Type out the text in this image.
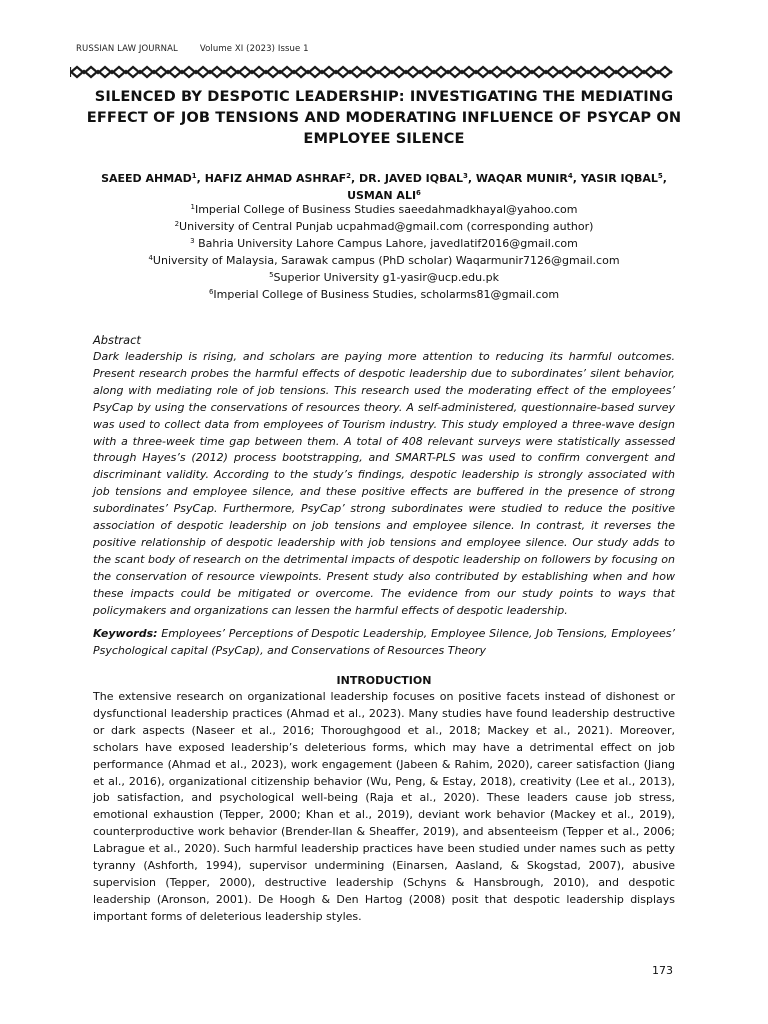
RUSSIAN LAW JOURNAL	Volume XI (2023) Issue 1
SILENCED BY DESPOTIC LEADERSHIP: INVESTIGATING THE MEDIATING EFFECT OF JOB TENSIONS AND MODERATING INFLUENCE OF PSYCAP ON EMPLOYEE SILENCE
SAEED AHMAD$^1$, HAFIZ AHMAD ASHRAF$^2$, DR. JAVED IQBAL$^3$, WAQAR MUNIR$^4$, YASIR IQBAL$^5$,
USMAN ALI$^6$
$^1$Imperial College of Business Studies saeedahmadkhayal@yahoo.com
$^2$University of Central Punjab ucpahmad@gmail.com (corresponding author)
$^3$ Bahria University Lahore Campus Lahore, javedlatif2016@gmail.com
$^4$University of Malaysia, Sarawak campus (PhD scholar) Waqarmunir7126@gmail.com
$^5$Superior University g1-yasir@ucp.edu.pk
$^6$Imperial College of Business Studies, scholarms81@gmail.com
Abstract

Dark leadership is rising, and scholars are paying more attention to reducing its harmful outcomes. Present research probes the harmful effects of despotic leadership due to subordinates’ silent behavior, along with mediating role of job tensions. This research used the moderating effect of the employees’ PsyCap by using the conservations of resources theory. A self-administered, questionnaire-based survey was used to collect data from employees of Tourism industry. This study employed a three-wave design with a three-week time gap between them. A total of 408 relevant surveys were statistically assessed through Hayes’s (2012) process bootstrapping, and SMART-PLS was used to confirm convergent and discriminant validity. According to the study’s findings, despotic leadership is strongly associated with job tensions and employee silence, and these positive effects are buffered in the presence of strong subordinates’ PsyCap. Furthermore, PsyCap’ strong subordinates were studied to reduce the positive association of despotic leadership on job tensions and employee silence. In contrast, it reverses the positive relationship of despotic leadership with job tensions and employee silence. Our study adds to the scant body of research on the detrimental impacts of despotic leadership on followers by focusing on the conservation of resource viewpoints. Present study also contributed by establishing when and how these impacts could be mitigated or overcome. The evidence from our study points to ways that policymakers and organizations can lessen the harmful effects of despotic leadership.

Keywords: Employees’ Perceptions of Despotic Leadership, Employee Silence, Job Tensions, Employees’ Psychological capital (PsyCap), and Conservations of Resources Theory

INTRODUCTION

The extensive research on organizational leadership focuses on positive facets instead of dishonest or dysfunctional leadership practices (Ahmad et al., 2023). Many studies have found leadership destructive or dark aspects (Naseer et al., 2016; Thoroughgood et al., 2018; Mackey et al., 2021). Moreover, scholars have exposed leadership’s deleterious forms, which may have a detrimental effect on job performance (Ahmad et al., 2023), work engagement (Jabeen & Rahim, 2020), career satisfaction (Jiang et al., 2016), organizational citizenship behavior (Wu, Peng, & Estay, 2018), creativity (Lee et al., 2013), job satisfaction, and psychological well-being (Raja et al., 2020). These leaders cause job stress, emotional exhaustion (Tepper, 2000; Khan et al., 2019), deviant work behavior (Mackey et al., 2019), counterproductive work behavior (Brender-Ilan & Sheaffer, 2019), and absenteeism (Tepper et al., 2006; Labrague et al., 2020). Such harmful leadership practices have been studied under names such as petty tyranny (Ashforth, 1994), supervisor undermining (Einarsen, Aasland, & Skogstad, 2007), abusive supervision (Tepper, 2000), destructive leadership (Schyns & Hansbrough, 2010), and despotic leadership (Aronson, 2001). De Hoogh & Den Hartog (2008) posit that despotic leadership displays important forms of deleterious leadership styles.

173
